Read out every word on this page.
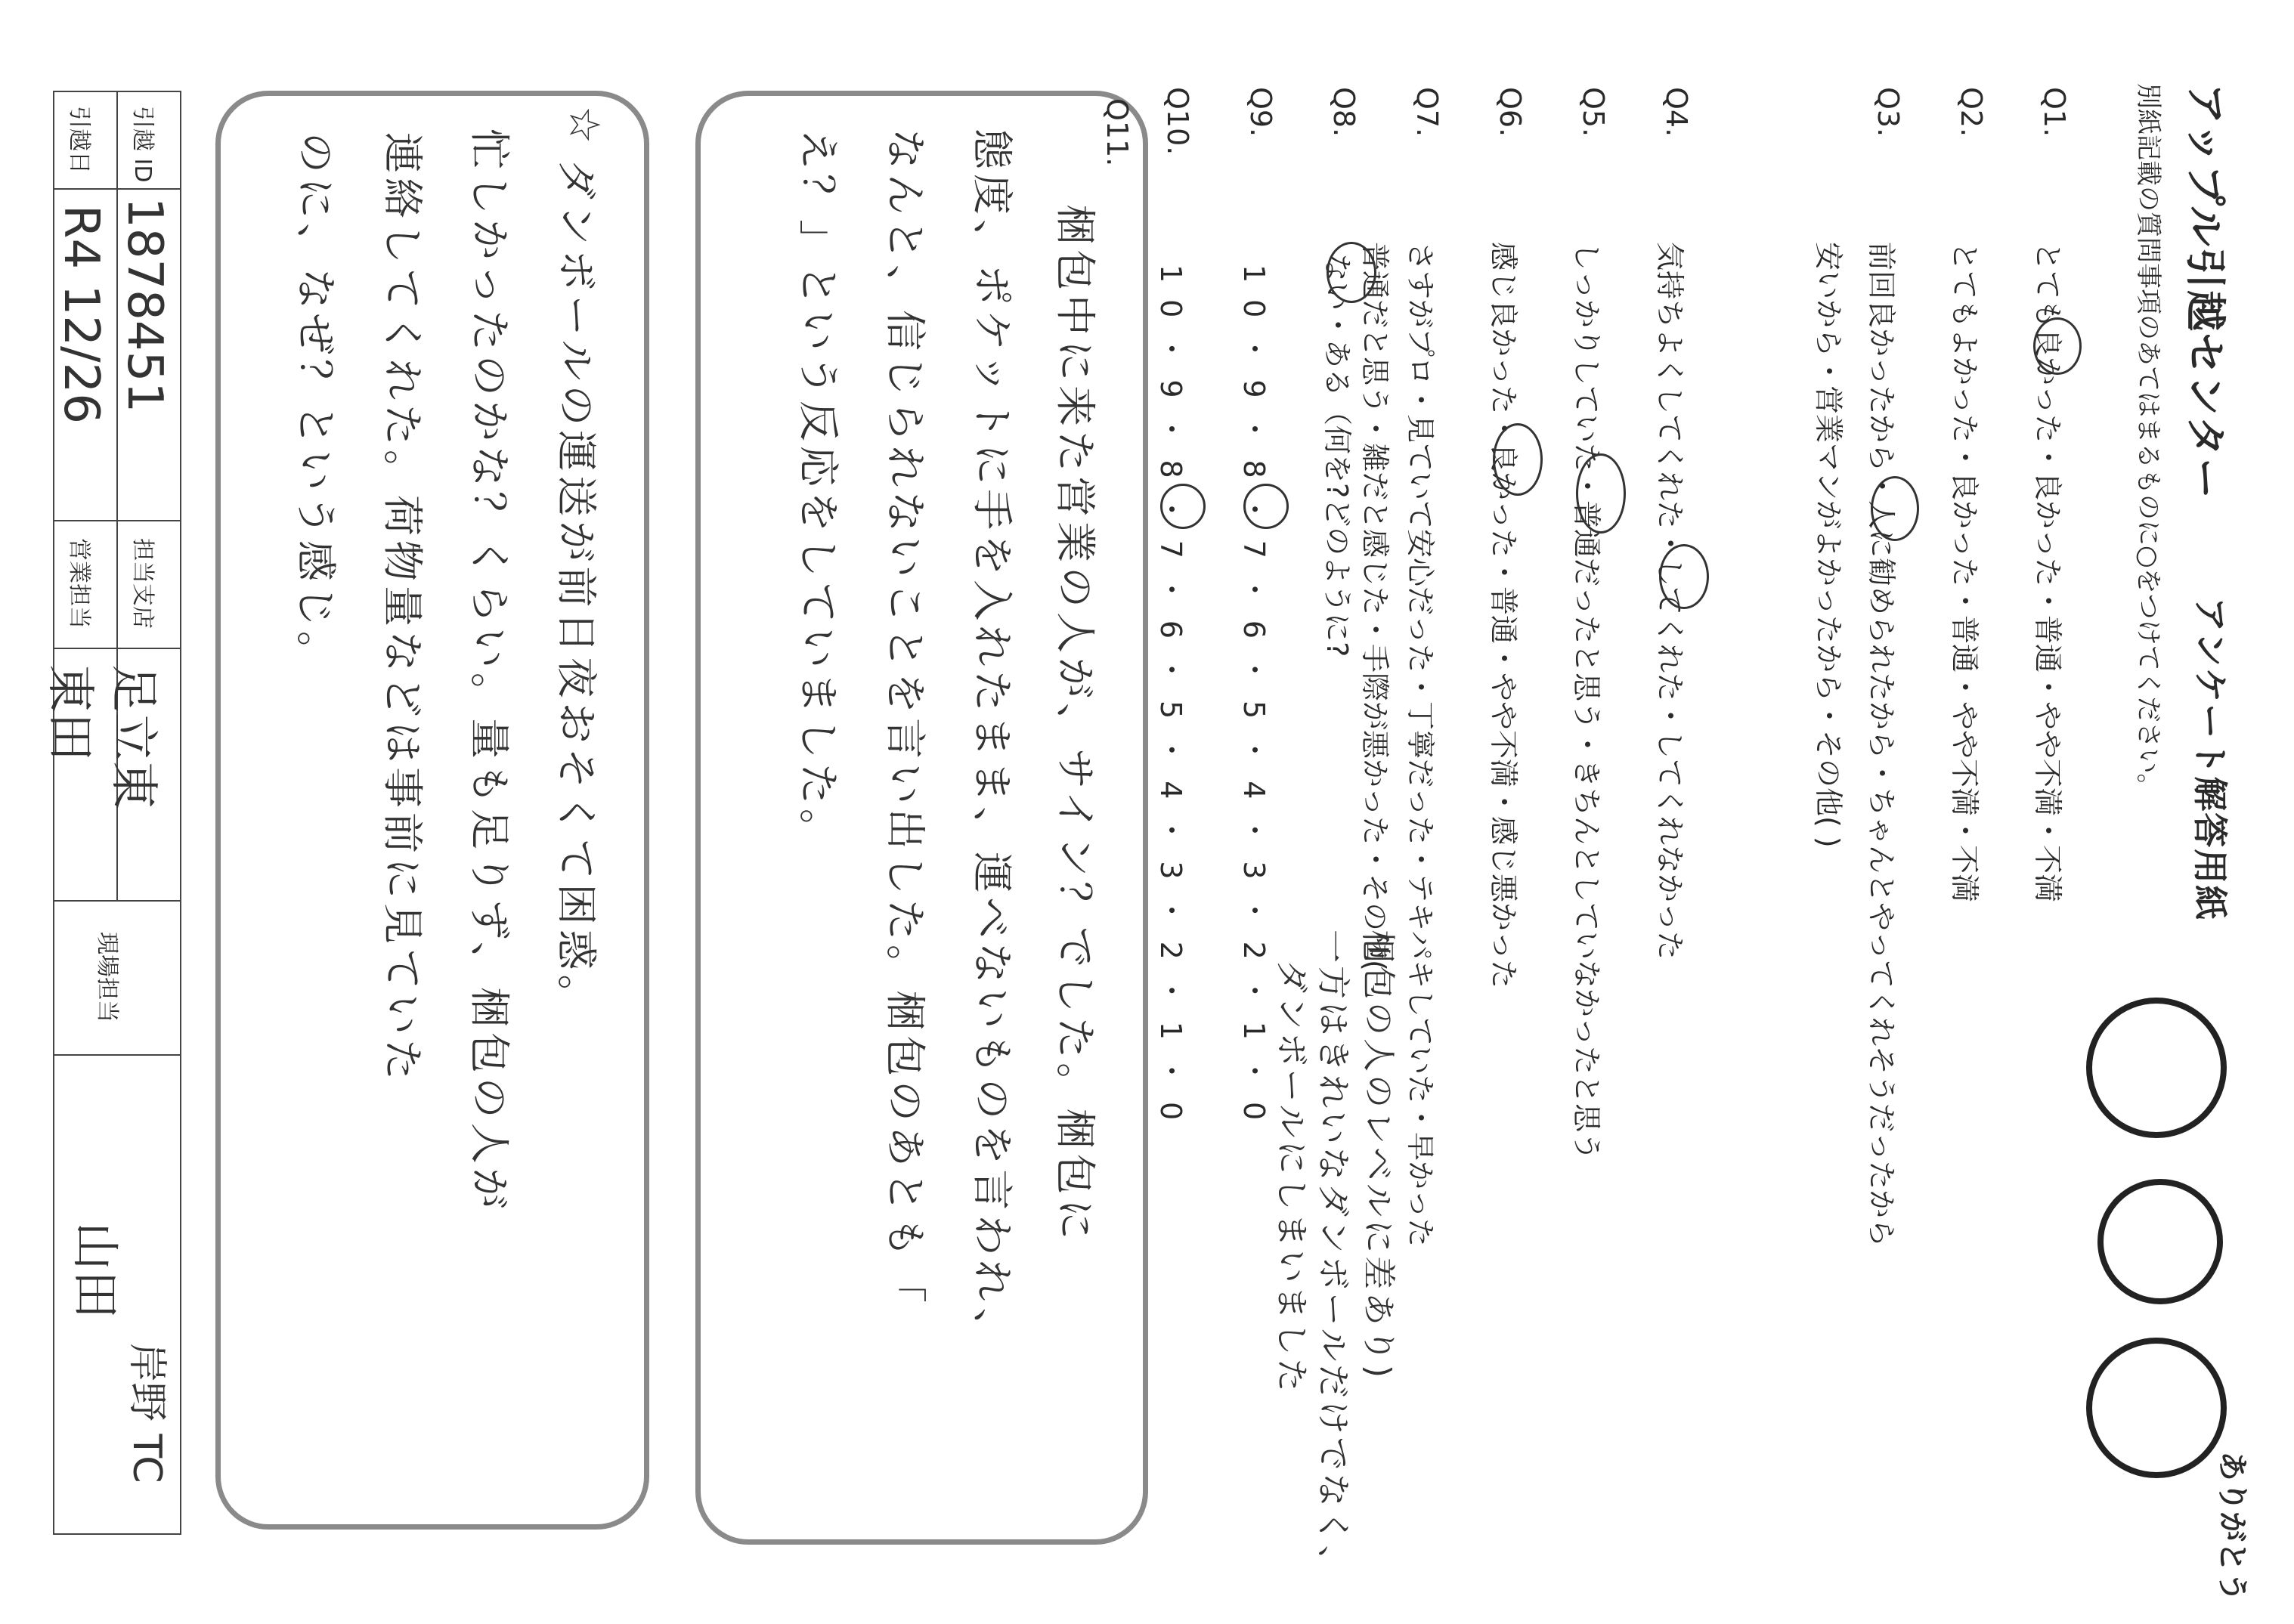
引越日	引越 ID

R4 12/26	1878451

営業担当	担当支店

東田	足立東

現場担当	

山田
岸野 TC	
☆
ダンボールの運送が前日夜おそくて困惑。
忙しかったのかな？くらい。量も足りず、梱包の人が
連絡してくれた。荷物量などは事前に見ていた
のに、なぜ？という感じ。	Q11.
梱包中に来た営業の人が、サイン？でした。梱包に
態度、ポケットに手を入れたまま、運べないものを言われ、
なんと、信じられないことを言い出した。梱包のあとも「
え？」という反応をしていました。
Q10.
10・9・8・7・6・5・4・3・2・1・0
Q9.
10・9・8・7・6・5・4・3・2・1・0
Q8.
ない・ある（何を?どのように?
Q7.
さすがプロ・見ていて安心だった・丁寧だった・テキパキしていた・早かった
普通だと思う・雑だと感じた・手際が悪かった・その他(
梱包の人のレベルに差あり)
一方はきれいなダンボールだけでなく、
ダンボールにしまいました
Q6.
感じ良かった・良かった・普通・やや不満・感じ悪かった
Q5.
しっかりしていた・普通だったと思う・きちんとしていなかったと思う
Q4.
気持ちよくしてくれた・してくれた・してくれなかった
Q3.
前回良かったから・人に勧められたから・ちゃんとやってくれそうだったから
安いから・営業マンがよかったから・その他( )
Q2.
とてもよかった・良かった・普通・やや不満・不満
Q1.
とても良かった・良かった・普通・やや不満・不満	アップル引越センター
アンケート解答用紙
別紙記載の質問事項のあてはまるものに○をつけてください。
ありがとう
